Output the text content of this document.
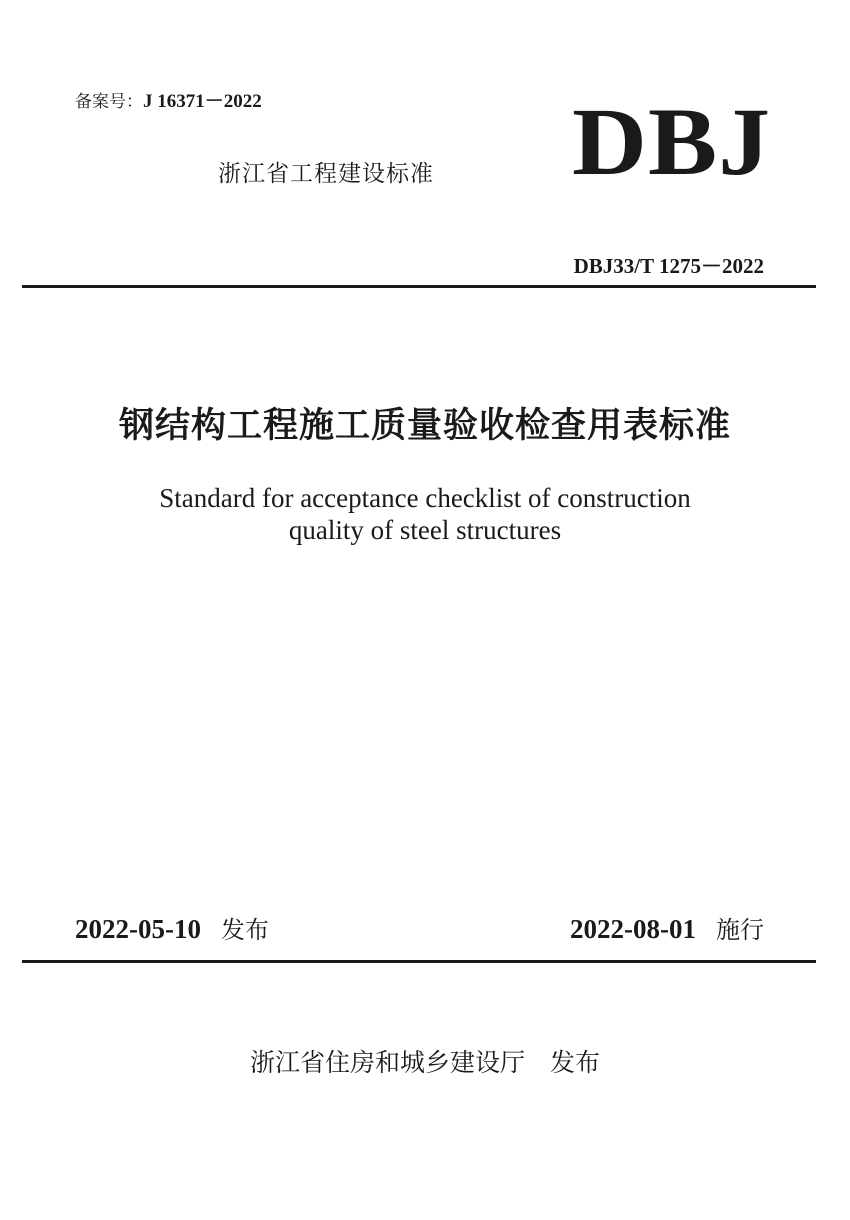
备案号：J 16371－2022
浙江省工程建设标准 DBJ
DBJ33/T 1275－2022
钢结构工程施工质量验收检查用表标准
Standard for acceptance checklist of construction
quality of steel structures
2022-05-10 发布	2022-08-01 施行
浙江省住房和城乡建设厅　发布
